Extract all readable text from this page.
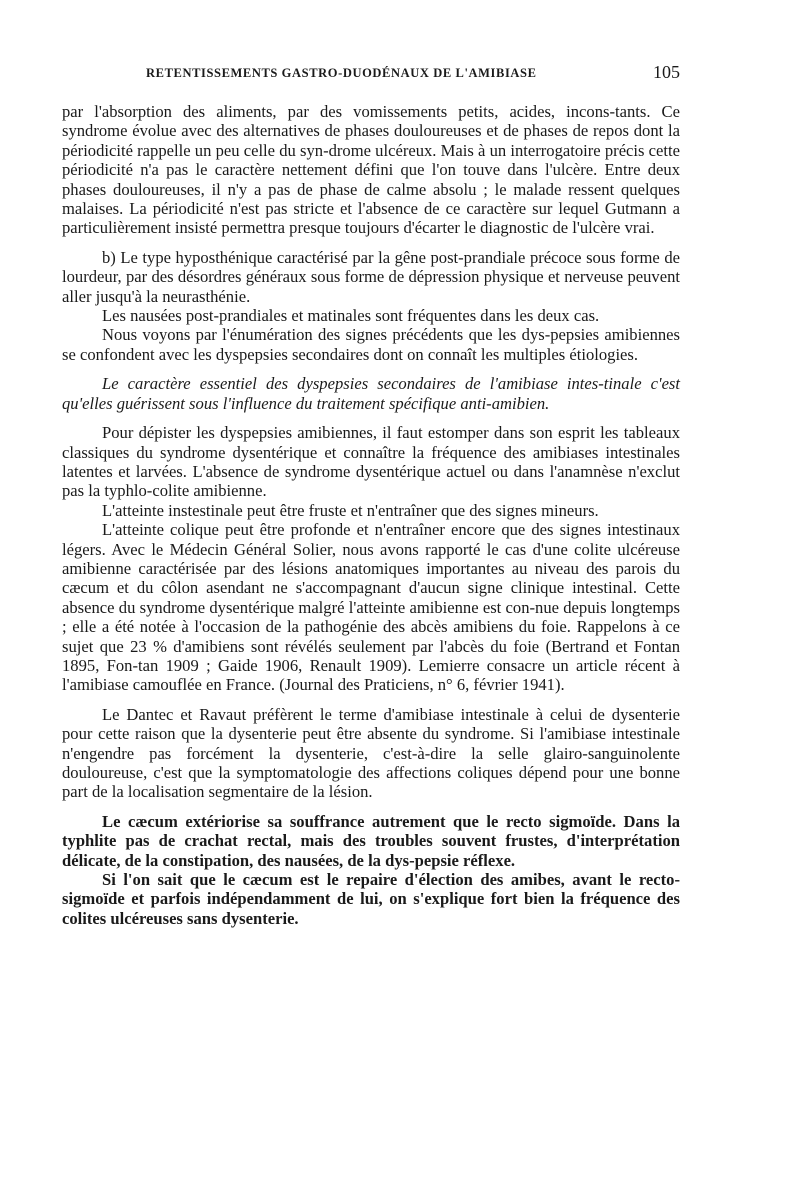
RETENTISSEMENTS GASTRO-DUODÉNAUX DE L'AMIBIASE	105

par l'absorption des aliments, par des vomissements petits, acides, incons-tants. Ce syndrome évolue avec des alternatives de phases douloureuses et de phases de repos dont la périodicité rappelle un peu celle du syn-drome ulcéreux. Mais à un interrogatoire précis cette périodicité n'a pas le caractère nettement défini que l'on touve dans l'ulcère. Entre deux phases douloureuses, il n'y a pas de phase de calme absolu ; le malade ressent quelques malaises. La périodicité n'est pas stricte et l'absence de ce caractère sur lequel Gutmann a particulièrement insisté permettra presque toujours d'écarter le diagnostic de l'ulcère vrai.

b) Le type hyposthénique caractérisé par la gêne post-prandiale précoce sous forme de lourdeur, par des désordres généraux sous forme de dépression physique et nerveuse peuvent aller jusqu'à la neurasthénie.

Les nausées post-prandiales et matinales sont fréquentes dans les deux cas.

Nous voyons par l'énumération des signes précédents que les dys-pepsies amibiennes se confondent avec les dyspepsies secondaires dont on connaît les multiples étiologies.

Le caractère essentiel des dyspepsies secondaires de l'amibiase intes-tinale c'est qu'elles guérissent sous l'influence du traitement spécifique anti-amibien.

Pour dépister les dyspepsies amibiennes, il faut estomper dans son esprit les tableaux classiques du syndrome dysentérique et connaître la fréquence des amibiases intestinales latentes et larvées. L'absence de syndrome dysentérique actuel ou dans l'anamnèse n'exclut pas la typhlo-colite amibienne.

L'atteinte instestinale peut être fruste et n'entraîner que des signes mineurs.

L'atteinte colique peut être profonde et n'entraîner encore que des signes intestinaux légers. Avec le Médecin Général Solier, nous avons rapporté le cas d'une colite ulcéreuse amibienne caractérisée par des lésions anatomiques importantes au niveau des parois du cæcum et du côlon asendant ne s'accompagnant d'aucun signe clinique intestinal. Cette absence du syndrome dysentérique malgré l'atteinte amibienne est con-nue depuis longtemps ; elle a été notée à l'occasion de la pathogénie des abcès amibiens du foie. Rappelons à ce sujet que 23 % d'amibiens sont révélés seulement par l'abcès du foie (Bertrand et Fontan 1895, Fon-tan 1909 ; Gaide 1906, Renault 1909). Lemierre consacre un article récent à l'amibiase camouflée en France. (Journal des Praticiens, n° 6, février 1941).

Le Dantec et Ravaut préfèrent le terme d'amibiase intestinale à celui de dysenterie pour cette raison que la dysenterie peut être absente du syndrome. Si l'amibiase intestinale n'engendre pas forcément la dysenterie, c'est-à-dire la selle glairo-sanguinolente douloureuse, c'est que la symptomatologie des affections coliques dépend pour une bonne part de la localisation segmentaire de la lésion.

Le cæcum extériorise sa souffrance autrement que le recto sigmoïde. Dans la typhlite pas de crachat rectal, mais des troubles souvent frustes, d'interprétation délicate, de la constipation, des nausées, de la dys-pepsie réflexe.

Si l'on sait que le cæcum est le repaire d'élection des amibes, avant le recto-sigmoïde et parfois indépendamment de lui, on s'explique fort bien la fréquence des colites ulcéreuses sans dysenterie.
